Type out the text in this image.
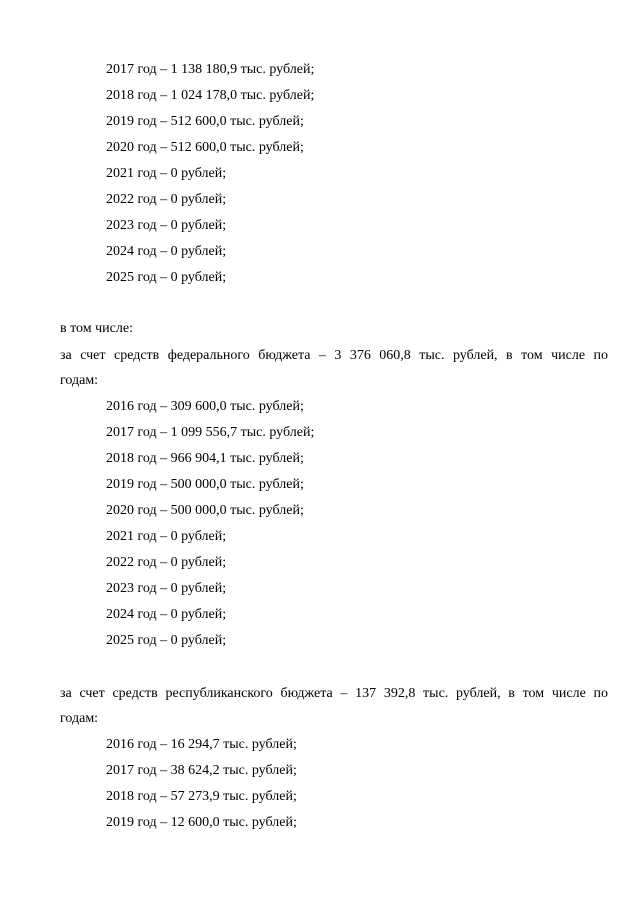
2017 год – 1 138 180,9 тыс. рублей;
2018 год – 1 024 178,0 тыс. рублей;
2019 год – 512 600,0 тыс. рублей;
2020 год – 512 600,0 тыс. рублей;
2021 год – 0 рублей;
2022 год – 0 рублей;
2023 год – 0 рублей;
2024 год – 0 рублей;
2025 год – 0 рублей;
в том числе:
за счет средств федерального бюджета – 3 376 060,8 тыс. рублей, в том числе по
годам:
2016 год – 309 600,0 тыс. рублей;
2017 год – 1 099 556,7 тыс. рублей;
2018 год – 966 904,1 тыс. рублей;
2019 год – 500 000,0 тыс. рублей;
2020 год – 500 000,0 тыс. рублей;
2021 год – 0 рублей;
2022 год – 0 рублей;
2023 год – 0 рублей;
2024 год – 0 рублей;
2025 год – 0 рублей;
за счет средств республиканского бюджета – 137 392,8 тыс. рублей, в том числе по
годам:
2016 год – 16 294,7 тыс. рублей;
2017 год – 38 624,2 тыс. рублей;
2018 год – 57 273,9 тыс. рублей;
2019 год – 12 600,0 тыс. рублей;
